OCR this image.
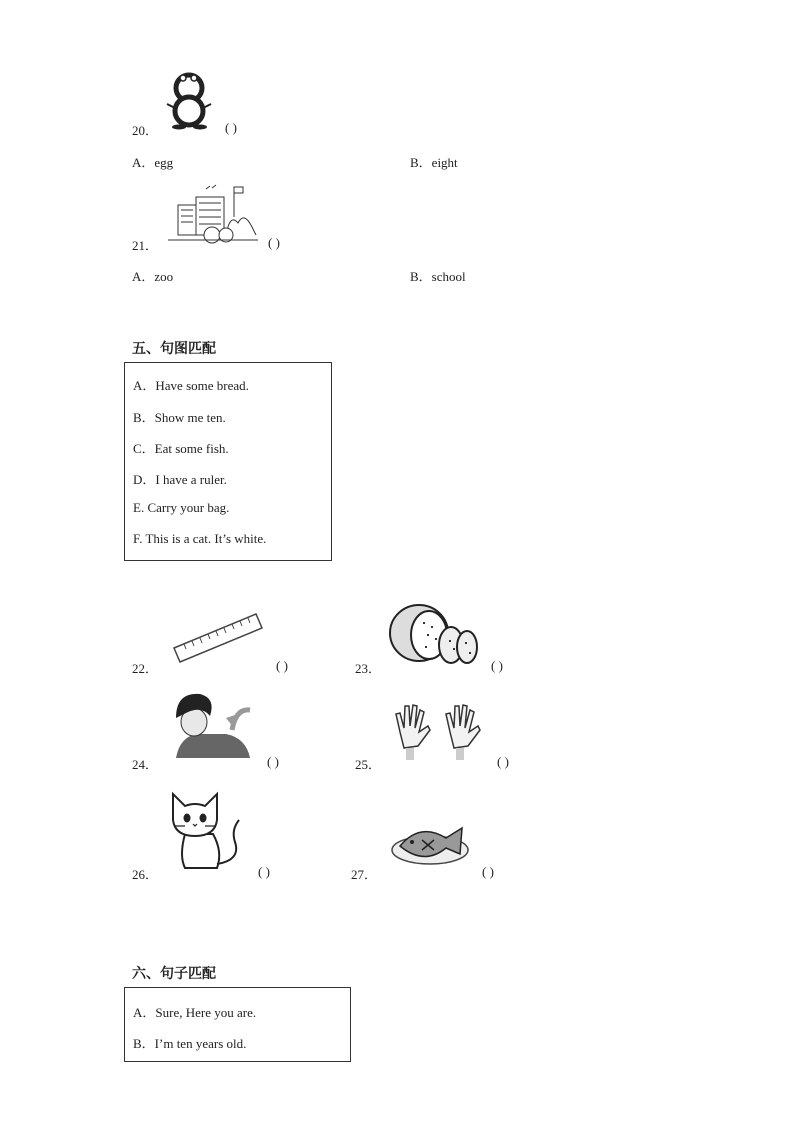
20．	( )
A．egg	B．eight
21．	( )
A．zoo	B．school
五、句图匹配
A．Have some bread.
B．Show me ten.
C．Eat some fish.
D．I have a ruler.
E. Carry your bag.
F. This is a cat. It’s white.
22．	( )	23．	( )
24．	( )	25．	( )
26．	( )	27．	( )
六、句子匹配
A．Sure, Here you are.
B．I’m ten years old.
